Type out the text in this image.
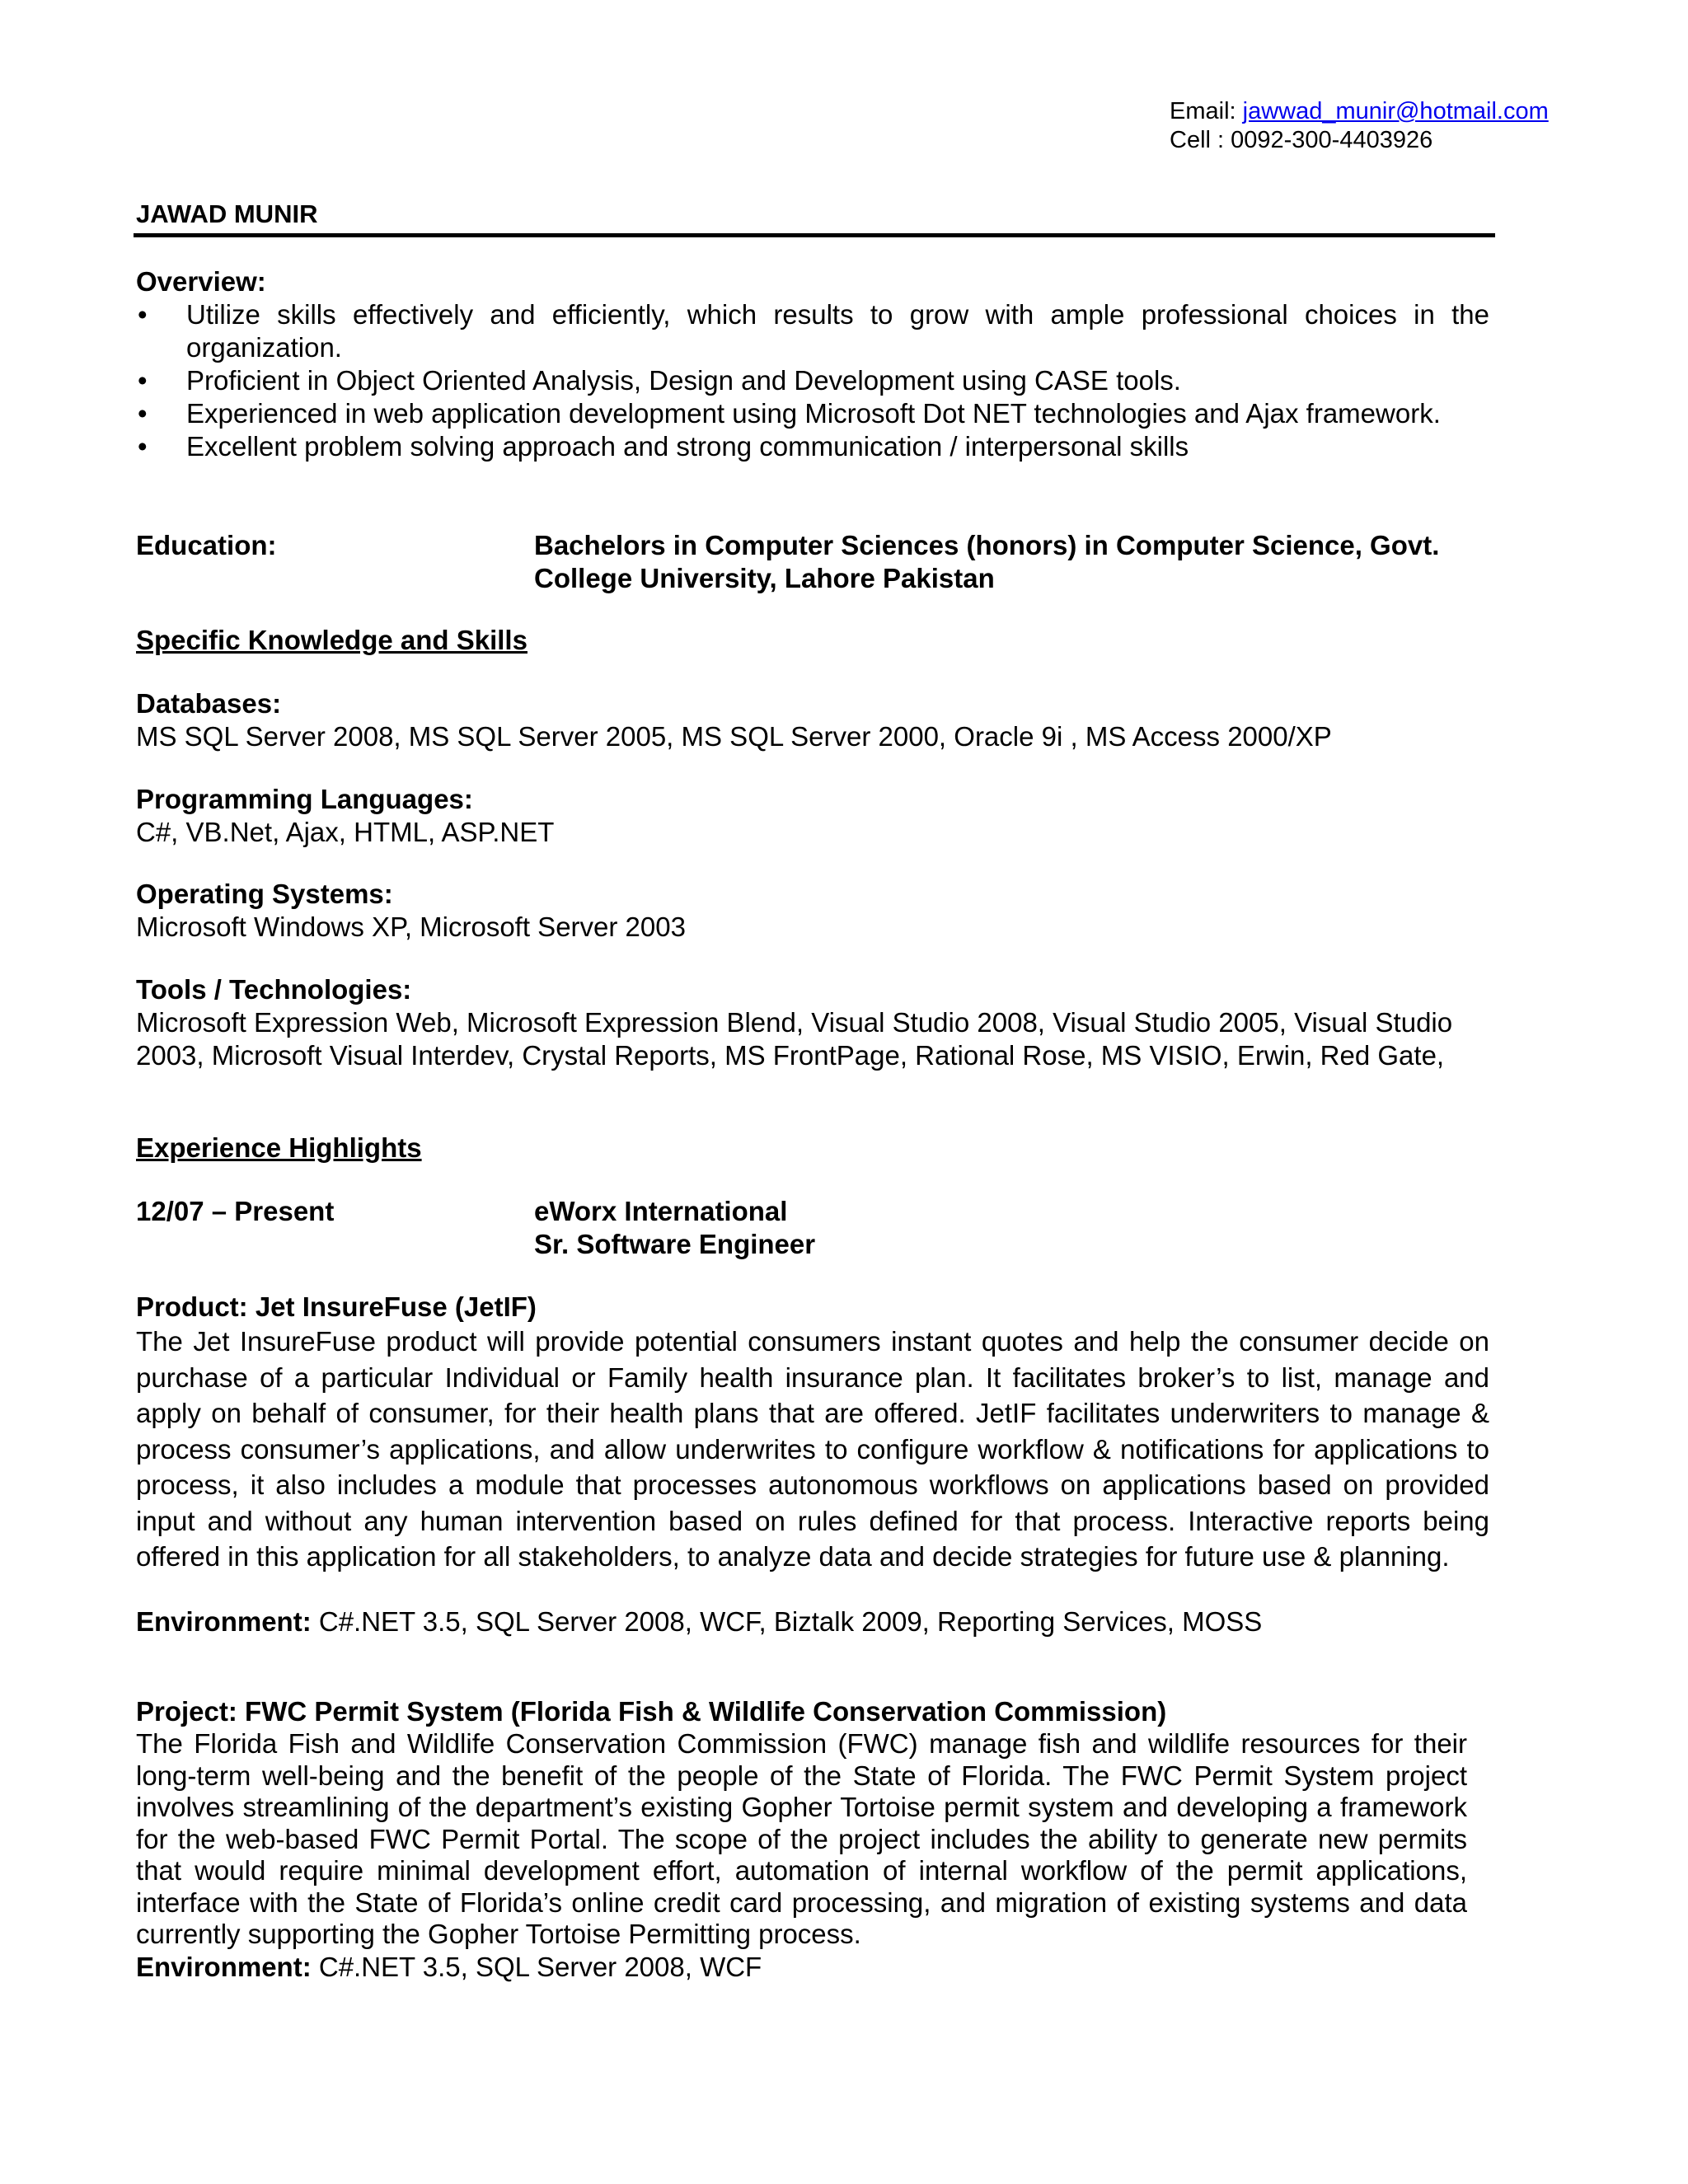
Email: jawwad_munir@hotmail.com
Cell : 0092-300-4403926
JAWAD MUNIR
Overview:
• Utilize skills effectively and efficiently, which results to grow with ample professional choices in the organization.
• Proficient in Object Oriented Analysis, Design and Development using CASE tools.
• Experienced in web application development using Microsoft Dot NET technologies and Ajax framework.
• Excellent problem solving approach and strong communication / interpersonal skills
Education:	Bachelors in Computer Sciences (honors) in Computer Science, Govt. College University, Lahore Pakistan
Specific Knowledge and Skills
Databases:
MS SQL Server 2008, MS SQL Server 2005, MS SQL Server 2000, Oracle 9i , MS Access 2000/XP
Programming Languages:
C#, VB.Net, Ajax, HTML, ASP.NET
Operating Systems:
Microsoft Windows XP, Microsoft Server 2003
Tools / Technologies:
Microsoft Expression Web, Microsoft Expression Blend, Visual Studio 2008, Visual Studio 2005, Visual Studio 2003, Microsoft Visual Interdev, Crystal Reports, MS FrontPage, Rational Rose, MS VISIO, Erwin, Red Gate,
Experience Highlights
12/07 – Present	eWorx International
Sr. Software Engineer
Product: Jet InsureFuse (JetIF)
The Jet InsureFuse product will provide potential consumers instant quotes and help the consumer decide on purchase of a particular Individual or Family health insurance plan. It facilitates broker’s to list, manage and apply on behalf of consumer, for their health plans that are offered. JetIF facilitates underwriters to manage & process consumer’s applications, and allow underwrites to configure workflow & notifications for applications to process, it also includes a module that processes autonomous workflows on applications based on provided input and without any human intervention based on rules defined for that process. Interactive reports being offered in this application for all stakeholders, to analyze data and decide strategies for future use & planning.
Environment: C#.NET 3.5, SQL Server 2008, WCF, Biztalk 2009, Reporting Services, MOSS
Project: FWC Permit System (Florida Fish & Wildlife Conservation Commission)
The Florida Fish and Wildlife Conservation Commission (FWC) manage fish and wildlife resources for their long-term well-being and the benefit of the people of the State of Florida. The FWC Permit System project involves streamlining of the department’s existing Gopher Tortoise permit system and developing a framework for the web-based FWC Permit Portal. The scope of the project includes the ability to generate new permits that would require minimal development effort, automation of internal workflow of the permit applications, interface with the State of Florida’s online credit card processing, and migration of existing systems and data currently supporting the Gopher Tortoise Permitting process.
Environment: C#.NET 3.5, SQL Server 2008, WCF
